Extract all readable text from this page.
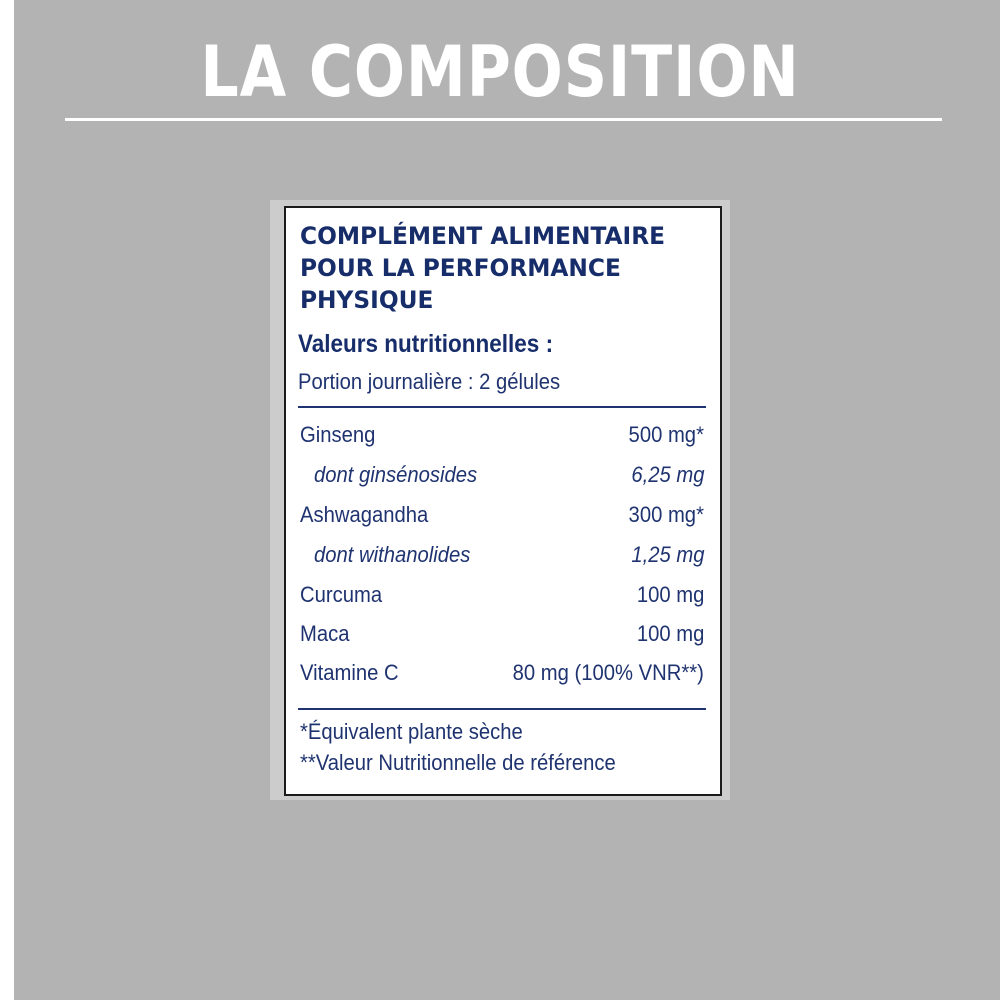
LA COMPOSITION
COMPLÉMENT ALIMENTAIRE
POUR LA PERFORMANCE
PHYSIQUE
Valeurs nutritionnelles :
Portion journalière : 2 gélules
Ginseng	500 mg*
dont ginsénosides	6,25 mg
Ashwagandha	300 mg*
dont withanolides	1,25 mg
Curcuma	100 mg
Maca	100 mg
Vitamine C	80 mg (100% VNR**)
*Équivalent plante sèche
**Valeur Nutritionnelle de référence
